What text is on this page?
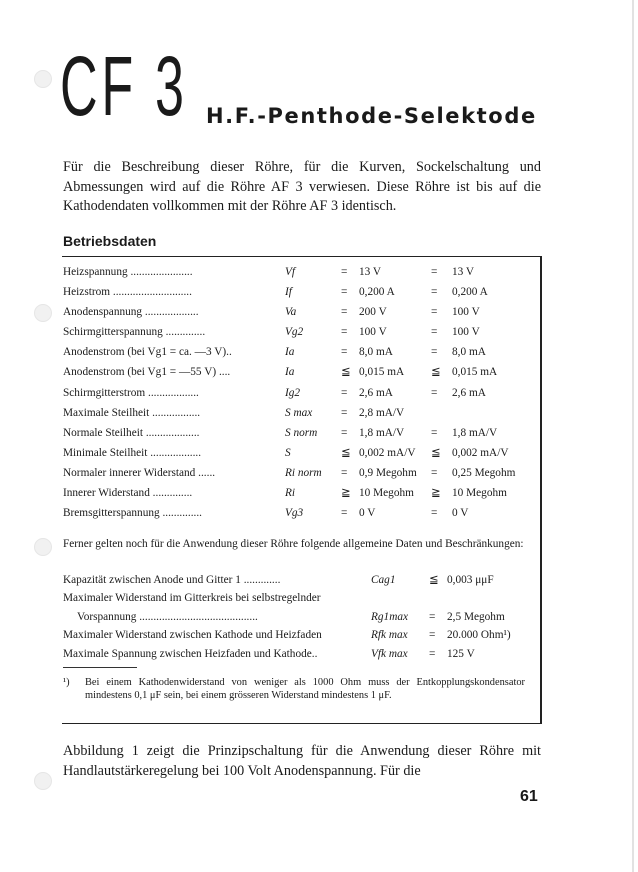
CF 3 H.F.-Penthode-Selektode

Für die Beschreibung dieser Röhre, für die Kurven, Sockelschaltung und Abmessungen wird auf die Röhre AF 3 verwiesen. Diese Röhre ist bis auf die Kathodendaten vollkommen mit der Röhre AF 3 identisch.

Betriebsdaten
Heizspannung ......................	Vf	= 13 V	= 13 V
Heizstrom ............................	If	= 0,200 A	= 0,200 A
Anodenspannung ...................	Va	= 200 V	= 100 V
Schirmgitterspannung ..............	Vg2	= 100 V	= 100 V
Anodenstrom (bei Vg1 = ca. —3 V)..	Ia	= 8,0 mA	= 8,0 mA
Anodenstrom (bei Vg1 = —55 V) ....	Ia	≦ 0,015 mA ≦ 0,015 mA
Schirmgitterstrom ..................	Ig2	= 2,6 mA	= 2,6 mA
Maximale Steilheit .................	S max	= 2,8 mA/V
Normale Steilheit ...................	S norm = 1,8 mA/V = 1,8 mA/V
Minimale Steilheit ..................	S	≦ 0,002 mA/V ≦ 0,002 mA/V
Normaler innerer Widerstand ......	Ri norm = 0,9 Megohm = 0,25 Megohm
Innerer Widerstand ..............	Ri	≧ 10 Megohm ≧ 10 Megohm
Bremsgitterspannung ..............	Vg3	= 0 V	= 0 V

Ferner gelten noch für die Anwendung dieser Röhre folgende allgemeine Daten und Beschränkungen:

Kapazität zwischen Anode und Gitter 1 .............	Cag1	≦ 0,003 μμF
Maximaler Widerstand im Gitterkreis bei selbstregelnder
Vorspannung ..........................................	Rg1max = 2,5 Megohm
Maximaler Widerstand zwischen Kathode und Heizfaden	Rfk max = 20.000 Ohm¹)
Maximale Spannung zwischen Heizfaden und Kathode..	Vfk max = 125 V
¹) Bei einem Kathodenwiderstand von weniger als 1000 Ohm muss der Entkopplungskondensator mindestens 0,1 μF sein, bei einem grösseren Widerstand mindestens 1 μF.

Abbildung 1 zeigt die Prinzipschaltung für die Anwendung dieser Röhre mit Handlautstärkeregelung bei 100 Volt Anodenspannung. Für die

61
